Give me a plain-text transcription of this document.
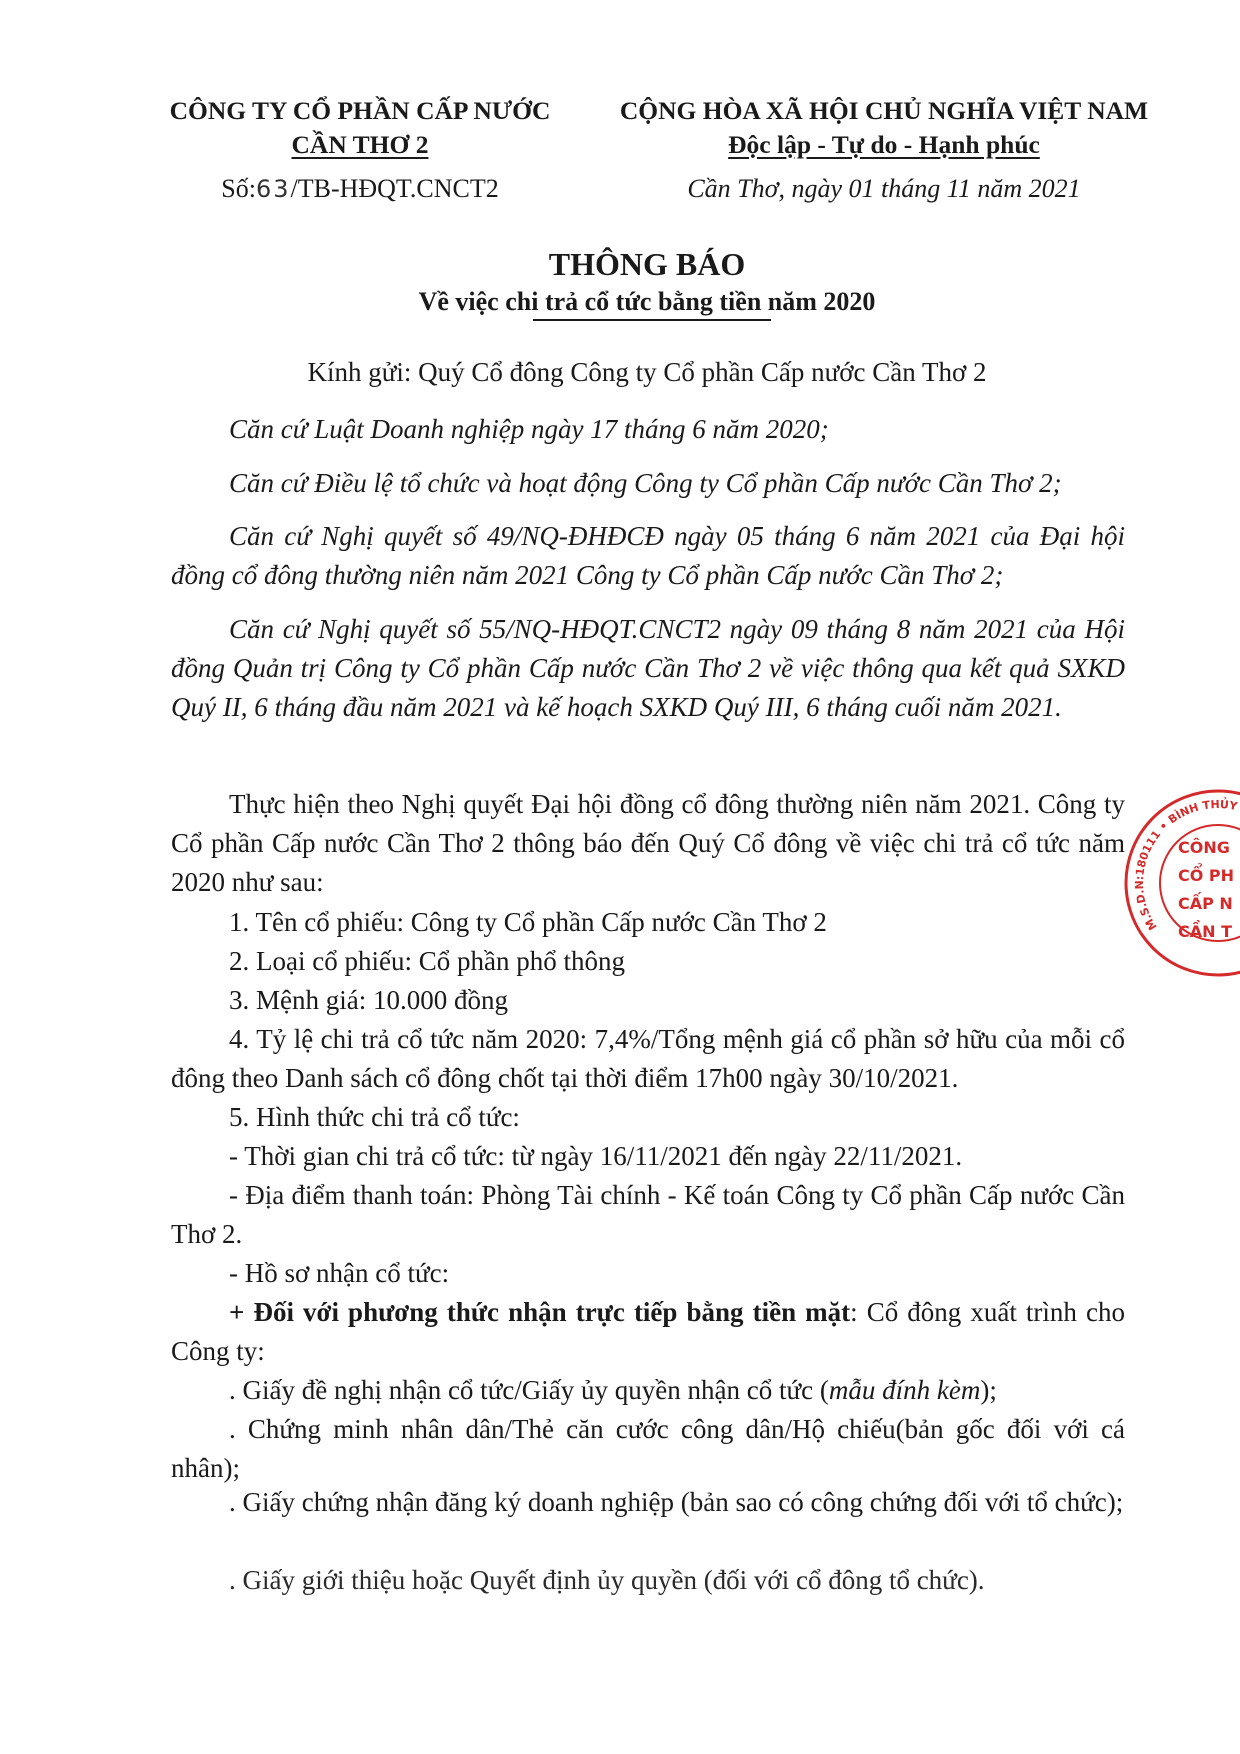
CÔNG TY CỔ PHẦN CẤP NƯỚC
CẦN THƠ 2
Số:63/TB-HĐQT.CNCT2
CỘNG HÒA XÃ HỘI CHỦ NGHĨA VIỆT NAM
Độc lập - Tự do - Hạnh phúc
Cần Thơ, ngày 01 tháng 11 năm 2021
THÔNG BÁO
Về việc chi trả cổ tức bằng tiền năm 2020
Kính gửi: Quý Cổ đông Công ty Cổ phần Cấp nước Cần Thơ 2
Căn cứ Luật Doanh nghiệp ngày 17 tháng 6 năm 2020;
Căn cứ Điều lệ tổ chức và hoạt động Công ty Cổ phần Cấp nước Cần Thơ 2;
Căn cứ Nghị quyết số 49/NQ-ĐHĐCĐ ngày 05 tháng 6 năm 2021 của Đại hội đồng cổ đông thường niên năm 2021 Công ty Cổ phần Cấp nước Cần Thơ 2;
Căn cứ Nghị quyết số 55/NQ-HĐQT.CNCT2 ngày 09 tháng 8 năm 2021 của Hội đồng Quản trị Công ty Cổ phần Cấp nước Cần Thơ 2 về việc thông qua kết quả SXKD Quý II, 6 tháng đầu năm 2021 và kế hoạch SXKD Quý III, 6 tháng cuối năm 2021.
Thực hiện theo Nghị quyết Đại hội đồng cổ đông thường niên năm 2021. Công ty Cổ phần Cấp nước Cần Thơ 2 thông báo đến Quý Cổ đông về việc chi trả cổ tức năm 2020 như sau:
1. Tên cổ phiếu: Công ty Cổ phần Cấp nước Cần Thơ 2
2. Loại cổ phiếu: Cổ phần phổ thông
3. Mệnh giá: 10.000 đồng
4. Tỷ lệ chi trả cổ tức năm 2020: 7,4%/Tổng mệnh giá cổ phần sở hữu của mỗi cổ đông theo Danh sách cổ đông chốt tại thời điểm 17h00 ngày 30/10/2021.
5. Hình thức chi trả cổ tức:
- Thời gian chi trả cổ tức: từ ngày 16/11/2021 đến ngày 22/11/2021.
- Địa điểm thanh toán: Phòng Tài chính - Kế toán Công ty Cổ phần Cấp nước Cần Thơ 2.
- Hồ sơ nhận cổ tức:
+ Đối với phương thức nhận trực tiếp bằng tiền mặt: Cổ đông xuất trình cho Công ty:
. Giấy đề nghị nhận cổ tức/Giấy ủy quyền nhận cổ tức (mẫu đính kèm);
. Chứng minh nhân dân/Thẻ căn cước công dân/Hộ chiếu(bản gốc đối với cá nhân);
. Giấy chứng nhận đăng ký doanh nghiệp (bản sao có công chứng đối với tổ chức);
. Giấy giới thiệu hoặc Quyết định ủy quyền (đối với cổ đông tổ chức).
M.S.D.N:180111 • BÌNH THỦY
CÔNG
CỔ PH
CẤP N
CẦN T
